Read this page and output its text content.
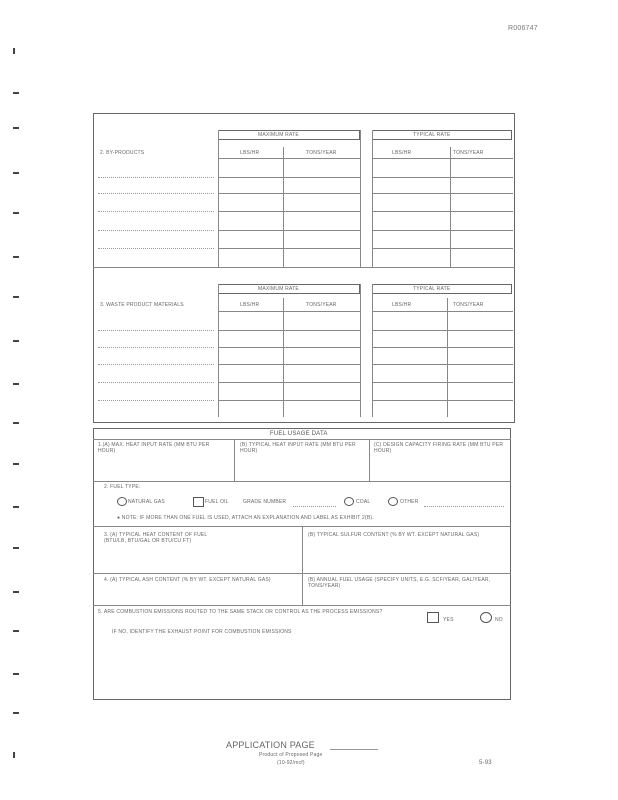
R006747
2. BY-PRODUCTS
MAXIMUM RATE	TYPICAL RATE
LBS/HR	TONS/YEAR	LBS/HR	TONS/YEAR
3. WASTE PRODUCT MATERIALS
MAXIMUM RATE	TYPICAL RATE
LBS/HR	TONS/YEAR	LBS/HR	TONS/YEAR
FUEL USAGE DATA
1.(A) MAX. HEAT INPUT RATE (MM BTU PER HOUR)
(B) TYPICAL HEAT INPUT RATE (MM BTU PER HOUR)
(C) DESIGN CAPACITY FIRING RATE (MM BTU PER HOUR)
2. FUEL TYPE:
NATURAL GAS	FUEL OIL	GRADE NUMBER	COAL	OTHER
● NOTE: IF MORE THAN ONE FUEL IS USED, ATTACH AN EXPLANATION AND LABEL AS EXHIBIT 2(B).
3. (A) TYPICAL HEAT CONTENT OF FUEL (BTU/LB, BTU/GAL OR BTU/CU FT)
(B) TYPICAL SULFUR CONTENT (% BY WT. EXCEPT NATURAL GAS)
4. (A) TYPICAL ASH CONTENT (% BY WT. EXCEPT NATURAL GAS)	(B) ANNUAL FUEL USAGE (SPECIFY UNITS, E.G. SCF/YEAR, GAL/YEAR, TONS/YEAR)
5. ARE COMBUSTION EMISSIONS ROUTED TO THE SAME STACK OR CONTROL AS THE PROCESS EMISSIONS?
YES	NO
IF NO, IDENTIFY THE EXHAUST POINT FOR COMBUSTION EMISSIONS
APPLICATION PAGE
Product of Proposed Page
(10-92/mcf)	5-93
